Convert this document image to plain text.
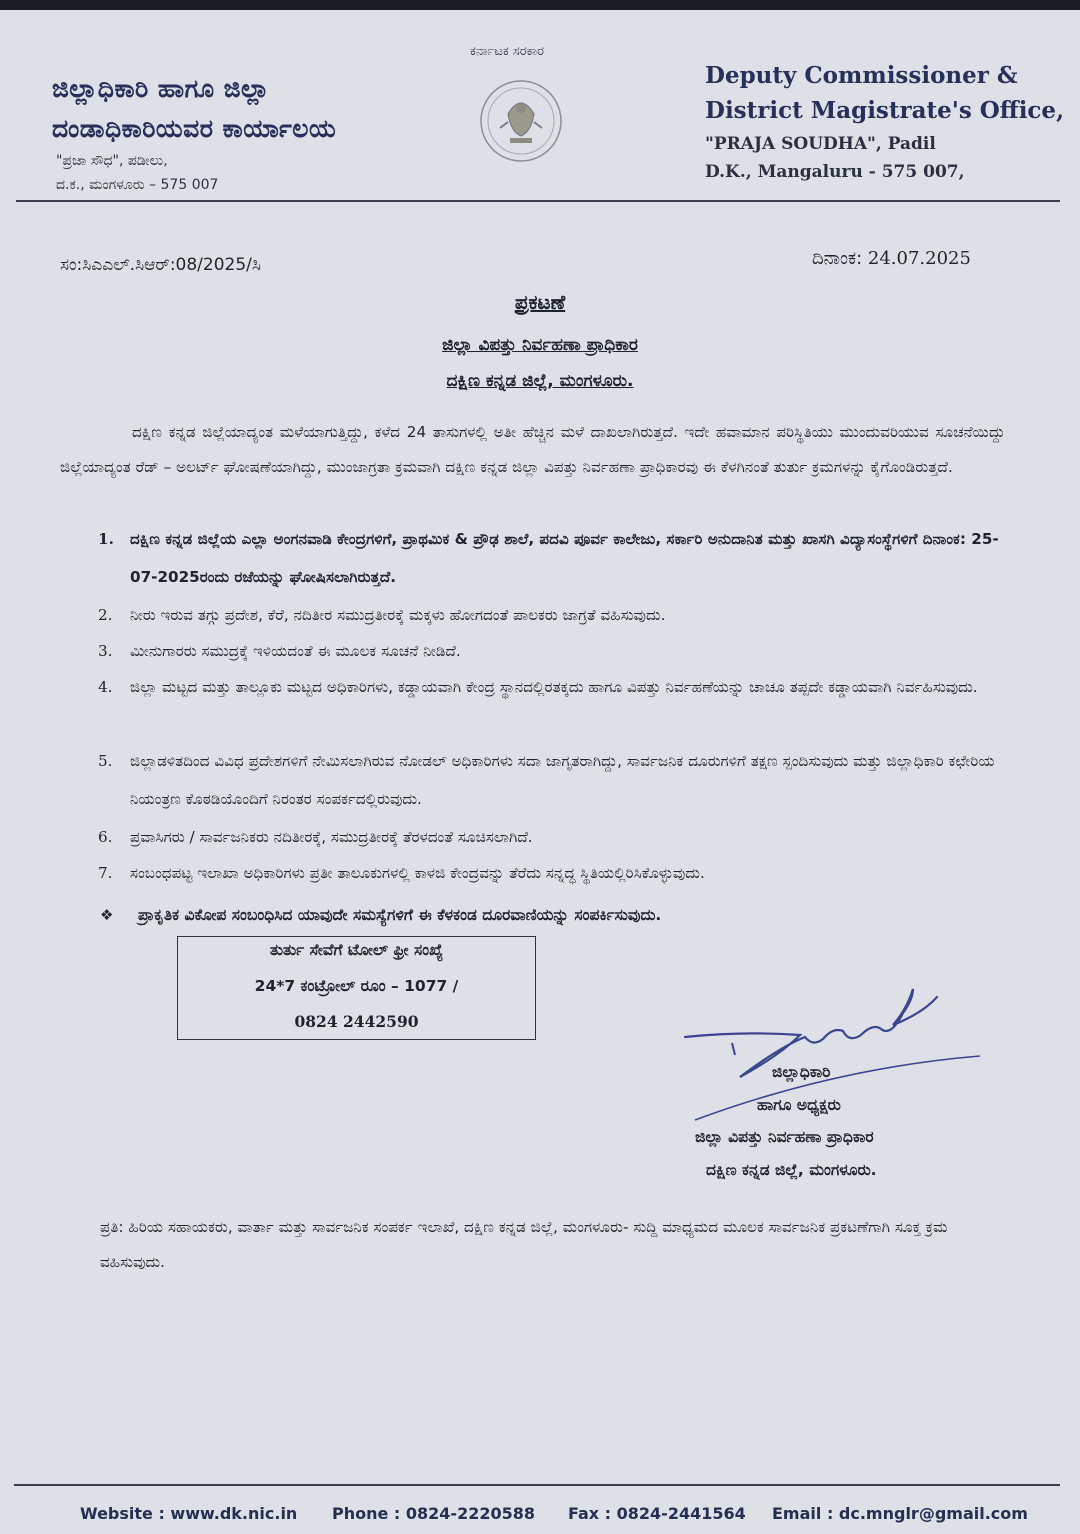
ಜಿಲ್ಲಾಧಿಕಾರಿ ಹಾಗೂ ಜಿಲ್ಲಾ
ದಂಡಾಧಿಕಾರಿಯವರ ಕಾರ್ಯಾಲಯ
"ಪ್ರಜಾ ಸೌಧ", ಪಡೀಲು,
ದ.ಕ., ಮಂಗಳೂರು – 575 007
ಕರ್ನಾಟಕ ಸರಕಾರ
Deputy Commissioner &
District Magistrate's Office,
"PRAJA SOUDHA", Padil
D.K., Mangaluru - 575 007,
ಸಂ:ಸಿಎಎಲ್.ಸಿಆರ್:08/2025/ಸಿ	ದಿನಾಂಕ: 24.07.2025
ಪ್ರಕಟಣೆ
ಜಿಲ್ಲಾ ವಿಪತ್ತು ನಿರ್ವಹಣಾ ಪ್ರಾಧಿಕಾರ
ದಕ್ಷಿಣ ಕನ್ನಡ ಜಿಲ್ಲೆ, ಮಂಗಳೂರು.
ದಕ್ಷಿಣ ಕನ್ನಡ ಜಿಲ್ಲೆಯಾದ್ಯಂತ ಮಳೆಯಾಗುತ್ತಿದ್ದು, ಕಳೆದ 24 ತಾಸುಗಳಲ್ಲಿ ಅತೀ ಹೆಚ್ಚಿನ ಮಳೆ ದಾಖಲಾಗಿರುತ್ತದೆ. ಇದೇ ಹವಾಮಾನ ಪರಿಸ್ಥಿತಿಯು ಮುಂದುವರಿಯುವ ಸೂಚನೆಯಿದ್ದು ಜಿಲ್ಲೆಯಾದ್ಯಂತ ರೆಡ್ – ಅಲರ್ಟ್ ಘೋಷಣೆಯಾಗಿದ್ದು, ಮುಂಜಾಗ್ರತಾ ಕ್ರಮವಾಗಿ ದಕ್ಷಿಣ ಕನ್ನಡ ಜಿಲ್ಲಾ ವಿಪತ್ತು ನಿರ್ವಹಣಾ ಪ್ರಾಧಿಕಾರವು ಈ ಕೆಳಗಿನಂತೆ ತುರ್ತು ಕ್ರಮಗಳನ್ನು ಕೈಗೊಂಡಿರುತ್ತದೆ.
1.	ದಕ್ಷಿಣ ಕನ್ನಡ ಜಿಲ್ಲೆಯ ಎಲ್ಲಾ ಅಂಗನವಾಡಿ ಕೇಂದ್ರಗಳಿಗೆ, ಪ್ರಾಥಮಿಕ & ಪ್ರೌಢ ಶಾಲೆ, ಪದವಿ ಪೂರ್ವ ಕಾಲೇಜು, ಸರ್ಕಾರಿ ಅನುದಾನಿತ ಮತ್ತು ಖಾಸಗಿ ವಿದ್ಯಾಸಂಸ್ಥೆಗಳಿಗೆ ದಿನಾಂಕ: 25-07-2025ರಂದು ರಜೆಯನ್ನು ಘೋಷಿಸಲಾಗಿರುತ್ತದೆ.
2.	ನೀರು ಇರುವ ತಗ್ಗು ಪ್ರದೇಶ, ಕೆರೆ, ನದಿತೀರ ಸಮುದ್ರತೀರಕ್ಕೆ ಮಕ್ಕಳು ಹೋಗದಂತೆ ಪಾಲಕರು ಜಾಗ್ರತೆ ವಹಿಸುವುದು.
3.	ಮೀನುಗಾರರು ಸಮುದ್ರಕ್ಕೆ ಇಳಿಯದಂತೆ ಈ ಮೂಲಕ ಸೂಚನೆ ನೀಡಿದೆ.
4.	ಜಿಲ್ಲಾ ಮಟ್ಟದ ಮತ್ತು ತಾಲ್ಲೂಕು ಮಟ್ಟದ ಅಧಿಕಾರಿಗಳು, ಕಡ್ಡಾಯವಾಗಿ ಕೇಂದ್ರ ಸ್ಥಾನದಲ್ಲಿರತಕ್ಕದು ಹಾಗೂ ವಿಪತ್ತು ನಿರ್ವಹಣೆಯನ್ನು ಚಾಚೂ ತಪ್ಪದೇ ಕಡ್ಡಾಯವಾಗಿ ನಿರ್ವಹಿಸುವುದು.
5.	ಜಿಲ್ಲಾಡಳಿತದಿಂದ ವಿವಿಧ ಪ್ರದೇಶಗಳಿಗೆ ನೇಮಿಸಲಾಗಿರುವ ನೋಡಲ್ ಅಧಿಕಾರಿಗಳು ಸದಾ ಜಾಗೃತರಾಗಿದ್ದು, ಸಾರ್ವಜನಿಕ ದೂರುಗಳಿಗೆ ತಕ್ಷಣ ಸ್ಪಂದಿಸುವುದು ಮತ್ತು ಜಿಲ್ಲಾಧಿಕಾರಿ ಕಛೇರಿಯ ನಿಯಂತ್ರಣ ಕೊಠಡಿಯೊಂದಿಗೆ ನಿರಂತರ ಸಂಪರ್ಕದಲ್ಲಿರುವುದು.
6.	ಪ್ರವಾಸಿಗರು / ಸಾರ್ವಜನಿಕರು ನದಿತೀರಕ್ಕೆ, ಸಮುದ್ರತೀರಕ್ಕೆ ತೆರಳದಂತೆ ಸೂಚಿಸಲಾಗಿದೆ.
7.	ಸಂಬಂಧಪಟ್ಟ ಇಲಾಖಾ ಅಧಿಕಾರಿಗಳು ಪ್ರತೀ ತಾಲೂಕುಗಳಲ್ಲಿ ಕಾಳಜಿ ಕೇಂದ್ರವನ್ನು ತೆರೆದು ಸನ್ನದ್ಧ ಸ್ಥಿತಿಯಲ್ಲಿರಿಸಿಕೊಳ್ಳುವುದು.
❖ ಪ್ರಾಕೃತಿಕ ವಿಕೋಪ ಸಂಬಂಧಿಸಿದ ಯಾವುದೇ ಸಮಸ್ಯೆಗಳಿಗೆ ಈ ಕೆಳಕಂಡ ದೂರವಾಣಿಯನ್ನು ಸಂಪರ್ಕಿಸುವುದು.
ತುರ್ತು ಸೇವೆಗೆ ಟೋಲ್ ಫ್ರೀ ಸಂಖ್ಯೆ
24*7 ಕಂಟ್ರೋಲ್ ರೂಂ – 1077 /
0824 2442590
ಜಿಲ್ಲಾಧಿಕಾರಿ
ಹಾಗೂ ಅಧ್ಯಕ್ಷರು
ಜಿಲ್ಲಾ ವಿಪತ್ತು ನಿರ್ವಹಣಾ ಪ್ರಾಧಿಕಾರ
ದಕ್ಷಿಣ ಕನ್ನಡ ಜಿಲ್ಲೆ, ಮಂಗಳೂರು.
ಪ್ರತಿ: ಹಿರಿಯ ಸಹಾಯಕರು, ವಾರ್ತಾ ಮತ್ತು ಸಾರ್ವಜನಿಕ ಸಂಪರ್ಕ ಇಲಾಖೆ, ದಕ್ಷಿಣ ಕನ್ನಡ ಜಿಲ್ಲೆ, ಮಂಗಳೂರು- ಸುದ್ದಿ ಮಾಧ್ಯಮದ ಮೂಲಕ ಸಾರ್ವಜನಿಕ ಪ್ರಕಟಣೆಗಾಗಿ ಸೂಕ್ತ ಕ್ರಮ ವಹಿಸುವುದು.
Website : www.dk.nic.in Phone : 0824-2220588 Fax : 0824-2441564 Email : dc.mnglr@gmail.com
